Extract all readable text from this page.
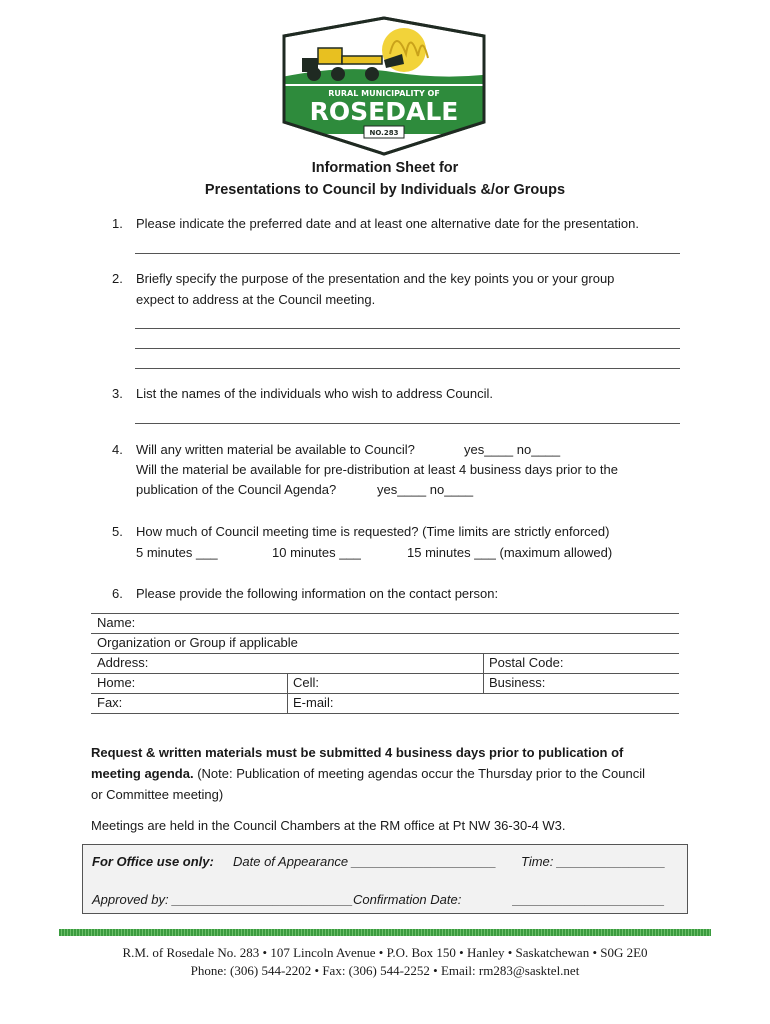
RURAL MUNICIPALITY OF
ROSEDALE
NO.283
Information Sheet for
Presentations to Council by Individuals &/or Groups
1. Please indicate the preferred date and at least one alternative date for the presentation.
2. Briefly specify the purpose of the presentation and the key points you or your group
expect to address at the Council meeting.
3. List the names of the individuals who wish to address Council.
4. Will any written material be available to Council?	yes____ no____
Will the material be available for pre-distribution at least 4 business days prior to the
publication of the Council Agenda?	yes____ no____
5. How much of Council meeting time is requested? (Time limits are strictly enforced)
5 minutes ___	10 minutes ___	15 minutes ___ (maximum allowed)
6. Please provide the following information on the contact person:
Name:
Organization or Group if applicable
Address:	Postal Code:
Home:	Cell:	Business:
Fax:	E-mail:
Request & written materials must be submitted 4 business days prior to publication of
meeting agenda. (Note: Publication of meeting agendas occur the Thursday prior to the Council
or Committee meeting)
Meetings are held in the Council Chambers at the RM office at Pt NW 36-30-4 W3.
For Office use only: Date of Appearance ____________________ Time: _______________
Approved by: _________________________Confirmation Date:	_____________________
R.M. of Rosedale No. 283 • 107 Lincoln Avenue • P.O. Box 150 • Hanley • Saskatchewan • S0G 2E0
Phone: (306) 544-2202 • Fax: (306) 544-2252 • Email: rm283@sasktel.net
